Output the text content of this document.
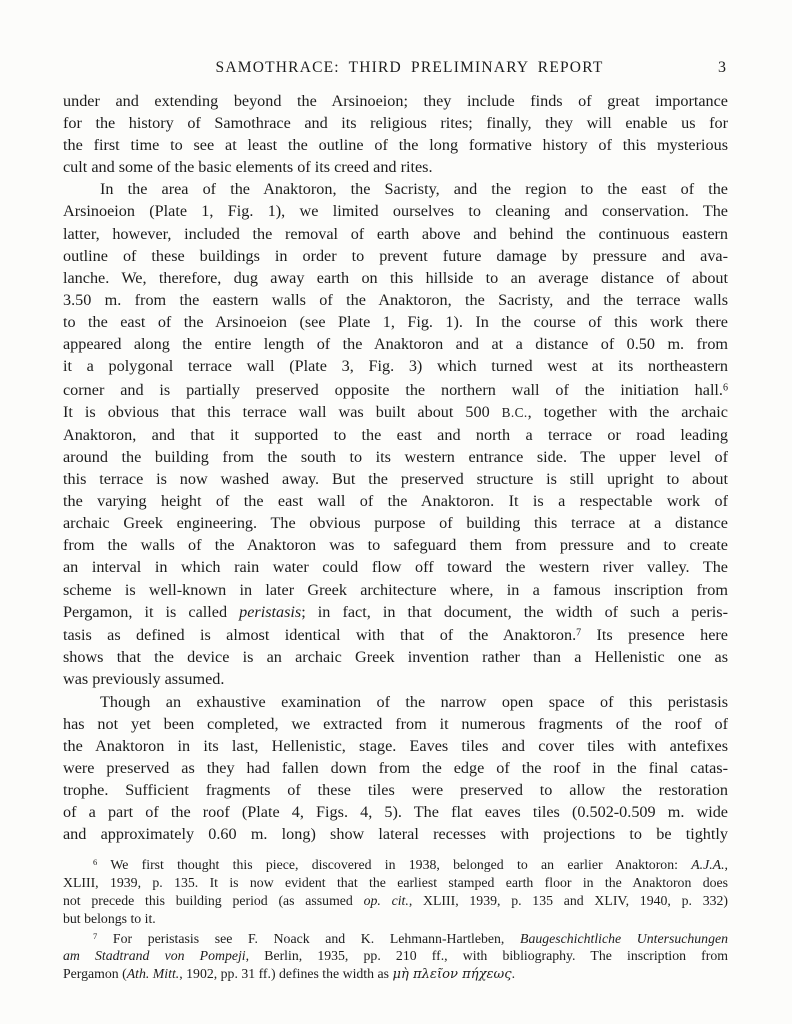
SAMOTHRACE: THIRD PRELIMINARY REPORT	3
under and extending beyond the Arsinoeion; they include finds of great importance
for the history of Samothrace and its religious rites; finally, they will enable us for
the first time to see at least the outline of the long formative history of this mysterious
cult and some of the basic elements of its creed and rites.
In the area of the Anaktoron, the Sacristy, and the region to the east of the
Arsinoeion (Plate 1, Fig. 1), we limited ourselves to cleaning and conservation. The
latter, however, included the removal of earth above and behind the continuous eastern
outline of these buildings in order to prevent future damage by pressure and ava-
lanche. We, therefore, dug away earth on this hillside to an average distance of about
3.50 m. from the eastern walls of the Anaktoron, the Sacristy, and the terrace walls
to the east of the Arsinoeion (see Plate 1, Fig. 1). In the course of this work there
appeared along the entire length of the Anaktoron and at a distance of 0.50 m. from
it a polygonal terrace wall (Plate 3, Fig. 3) which turned west at its northeastern
corner and is partially preserved opposite the northern wall of the initiation hall.$^6$
It is obvious that this terrace wall was built about 500 B.C., together with the archaic
Anaktoron, and that it supported to the east and north a terrace or road leading
around the building from the south to its western entrance side. The upper level of
this terrace is now washed away. But the preserved structure is still upright to about
the varying height of the east wall of the Anaktoron. It is a respectable work of
archaic Greek engineering. The obvious purpose of building this terrace at a distance
from the walls of the Anaktoron was to safeguard them from pressure and to create
an interval in which rain water could flow off toward the western river valley. The
scheme is well-known in later Greek architecture where, in a famous inscription from
Pergamon, it is called peristasis; in fact, in that document, the width of such a peris-
tasis as defined is almost identical with that of the Anaktoron.$^7$ Its presence here
shows that the device is an archaic Greek invention rather than a Hellenistic one as
was previously assumed.
Though an exhaustive examination of the narrow open space of this peristasis
has not yet been completed, we extracted from it numerous fragments of the roof of
the Anaktoron in its last, Hellenistic, stage. Eaves tiles and cover tiles with antefixes
were preserved as they had fallen down from the edge of the roof in the final catas-
trophe. Sufficient fragments of these tiles were preserved to allow the restoration
of a part of the roof (Plate 4, Figs. 4, 5). The flat eaves tiles (0.502-0.509 m. wide
and approximately 0.60 m. long) show lateral recesses with projections to be tightly
$^6$ We first thought this piece, discovered in 1938, belonged to an earlier Anaktoron: A.J.A.,
XLIII, 1939, p. 135. It is now evident that the earliest stamped earth floor in the Anaktoron does
not precede this building period (as assumed op. cit., XLIII, 1939, p. 135 and XLIV, 1940, p. 332)
but belongs to it.
$^7$ For peristasis see F. Noack and K. Lehmann-Hartleben, Baugeschichtliche Untersuchungen
am Stadtrand von Pompeji, Berlin, 1935, pp. 210 ff., with bibliography. The inscription from
Pergamon (Ath. Mitt., 1902, pp. 31 ff.) defines the width as μὴ πλεῖον πήχεως.
